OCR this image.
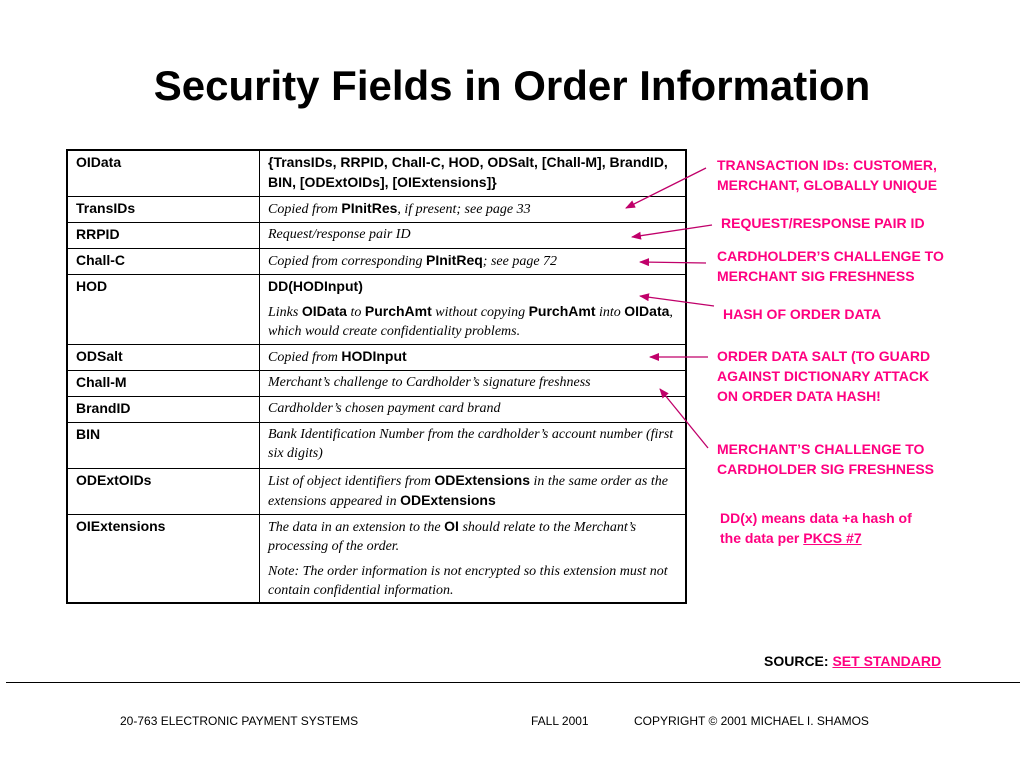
Security Fields in Order Information
OIData	{TransIDs, RRPID, Chall-C, HOD, ODSalt, [Chall-M], BrandID, BIN, [ODExtOIDs], [OIExtensions]}
TransIDs	Copied from PInitRes, if present; see page 33
RRPID	Request/response pair ID
Chall-C	Copied from corresponding PInitReq; see page 72
HOD	DD(HODInput)
Links OIData to PurchAmt without copying PurchAmt into OIData, which would create confidentiality problems.

ODSalt	Copied from HODInput
Chall-M	Merchant’s challenge to Cardholder’s signature freshness
BrandID	Cardholder’s chosen payment card brand
BIN	Bank Identification Number from the cardholder’s account number (first six digits)
ODExtOIDs	List of object identifiers from ODExtensions in the same order as the extensions appeared in ODExtensions
OIExtensions	The data in an extension to the OI should relate to the Merchant’s processing of the order.
Note: The order information is not encrypted so this extension must not contain confidential information.
TRANSACTION IDs: CUSTOMER,
MERCHANT, GLOBALLY UNIQUE
REQUEST/RESPONSE PAIR ID
CARDHOLDER’S CHALLENGE TO
MERCHANT SIG FRESHNESS
HASH OF ORDER DATA
ORDER DATA SALT (TO GUARD
AGAINST DICTIONARY ATTACK
ON ORDER DATA HASH!
MERCHANT’S CHALLENGE TO
CARDHOLDER SIG FRESHNESS
DD(x) means data +a hash of
the data per PKCS #7
SOURCE: SET STANDARD
20-763 ELECTRONIC PAYMENT SYSTEMS	FALL 2001	COPYRIGHT © 2001 MICHAEL I. SHAMOS
